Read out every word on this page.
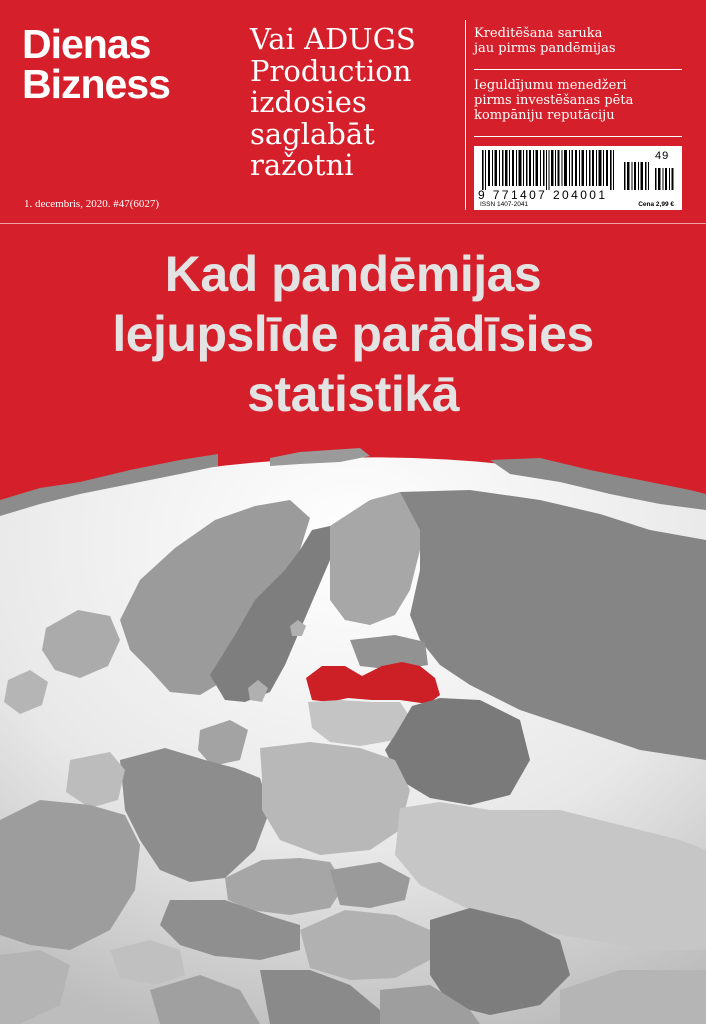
Dienas
Bizness
1. decembris, 2020. #47(6027)
Vai ADUGS
Production
izdosies
saglabāt
ražotni
Kreditēšana saruka
jau pirms pandēmijas
Ieguldījumu menedžeri
pirms investēšanas pēta
kompāniju reputāciju
49
9 771407 204001
ISSN 1407-2041	Cena 2,99 €
Kad pandēmijas
lejupslīde parādīsies
statistikā
